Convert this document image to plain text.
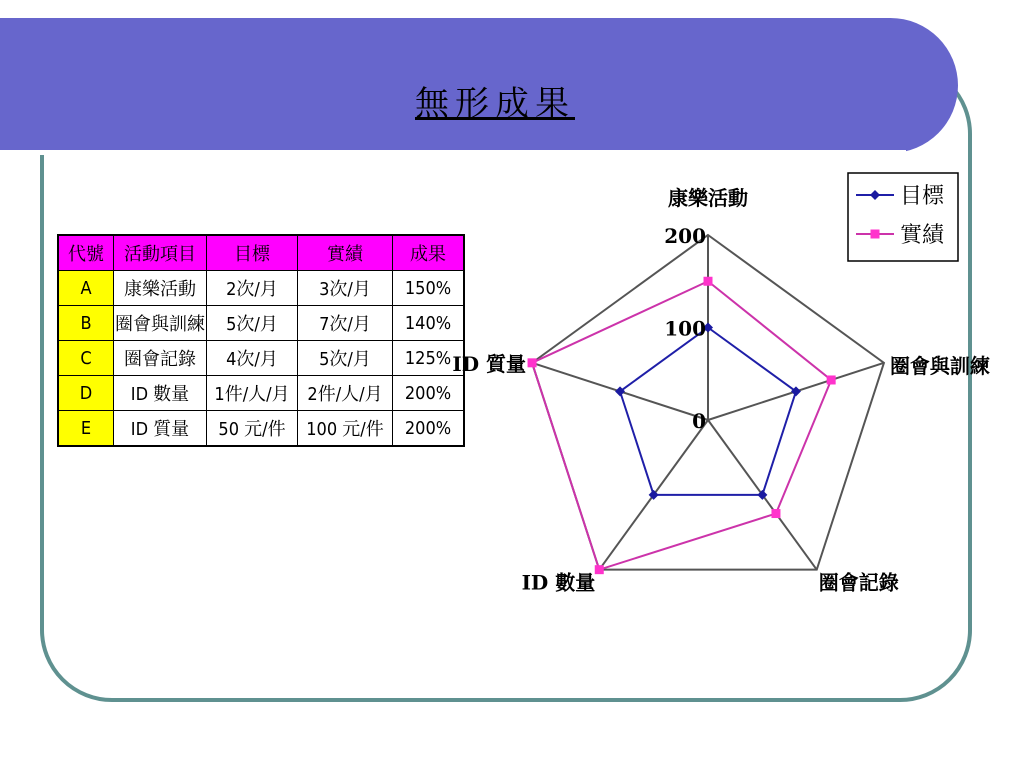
無形成果
代號	活動項目	目標	實績	成果
A	康樂活動	2次/月	3次/月	150%
B	圈會與訓練	5次/月	7次/月	140%
C	圈會記錄	4次/月	5次/月	125%
D	ID 數量	1件/人/月	2件/人/月	200%
E	ID 質量	50 元/件	100 元/件	200%	0
100
200
康樂活動
圈會與訓練
圈會記錄
ID 數量
ID 質量
目標
實績
